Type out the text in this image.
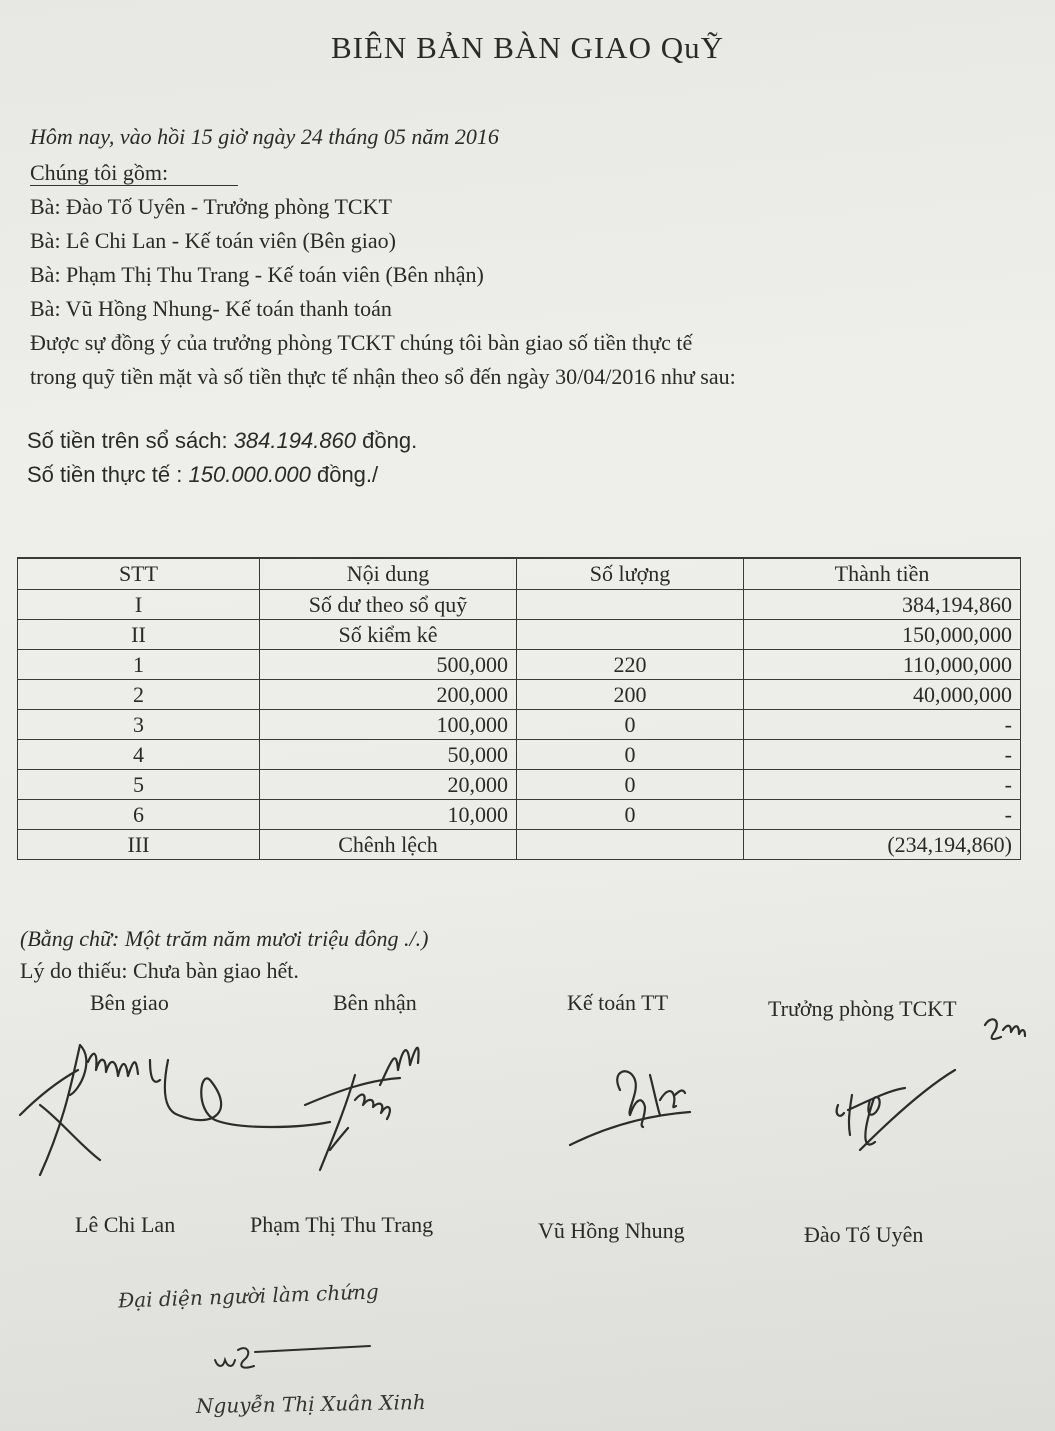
BIÊN BẢN BÀN GIAO QuỸ
Hôm nay, vào hồi 15 giờ ngày 24 tháng 05 năm 2016
Chúng tôi gồm:
Bà: Đào Tố Uyên - Trưởng phòng TCKT
Bà: Lê Chi Lan - Kế toán viên (Bên giao)
Bà: Phạm Thị Thu Trang - Kế toán viên (Bên nhận)
Bà: Vũ Hồng Nhung- Kế toán thanh toán
Được sự đồng ý của trưởng phòng TCKT chúng tôi bàn giao số tiền thực tế
trong quỹ tiền mặt và số tiền thực tế nhận theo sổ đến ngày 30/04/2016 như sau:
Số tiền trên sổ sách: 384.194.860 đồng.
Số tiền thực tế : 150.000.000 đồng./
STT	Nội dung	Số lượng	Thành tiền
I	Số dư theo sổ quỹ		384,194,860
II	Số kiểm kê		150,000,000
1	500,000	220	110,000,000
2	200,000	200	40,000,000
3	100,000	0	-
4	50,000	0	-
5	20,000	0	-
6	10,000	0	-
III	Chênh lệch		(234,194,860)
(Bằng chữ: Một trăm năm mươi triệu đông ./.)
Lý do thiếu: Chưa bàn giao hết.
Bên giao	Bên nhận	Kế toán TT	Trưởng phòng TCKT
Lê Chi Lan	Phạm Thị Thu Trang	Vũ Hồng Nhung	Đào Tố Uyên
Đại diện người làm chứng
Nguyễn Thị Xuân Xinh
